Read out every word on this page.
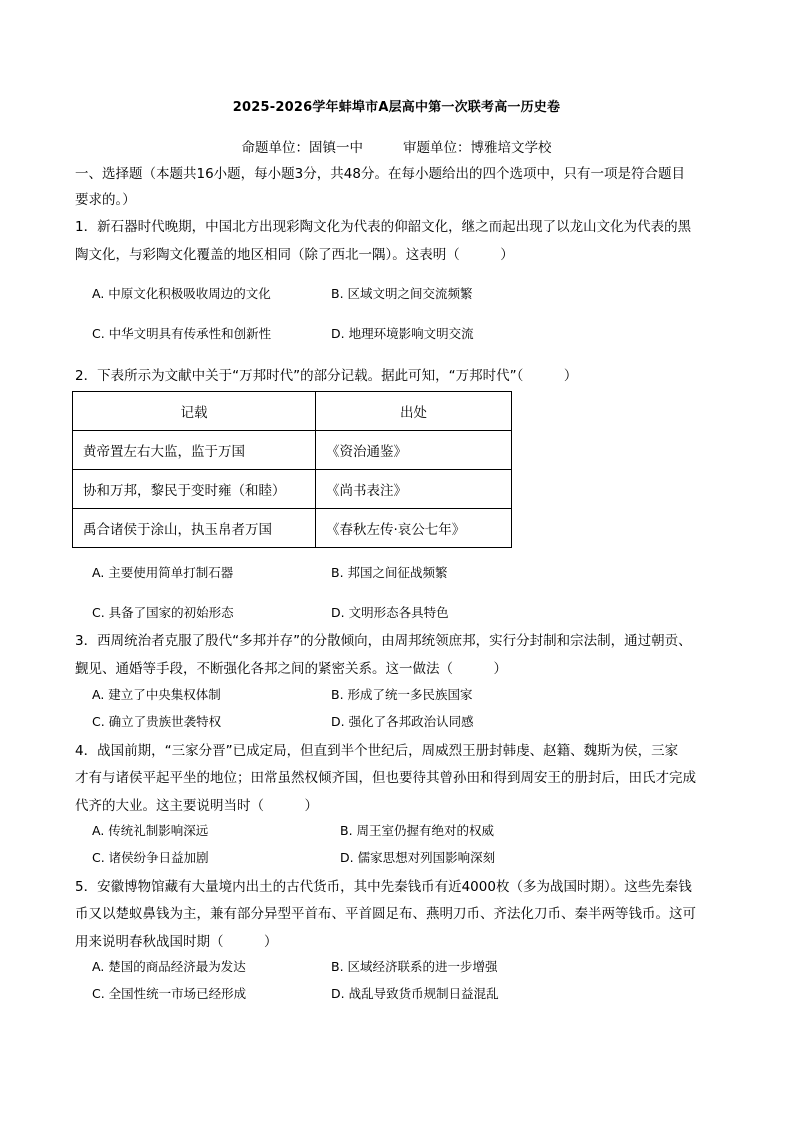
2025-2026学年蚌埠市A层高中第一次联考高一历史卷
命题单位：固镇一中	审题单位：博雅培文学校
一、选择题（本题共16小题，每小题3分，共48分。在每小题给出的四个选项中，只有一项是符合题目
要求的。）
1．新石器时代晚期，中国北方出现彩陶文化为代表的仰韶文化，继之而起出现了以龙山文化为代表的黑
陶文化，与彩陶文化覆盖的地区相同（除了西北一隅）。这表明（　　　）
A. 中原文化积极吸收周边的文化	B. 区域文明之间交流频繁
C. 中华文明具有传承性和创新性	D. 地理环境影响文明交流
2．下表所示为文献中关于“万邦时代”的部分记载。据此可知，“万邦时代”（　　　）
记载	出处
黄帝置左右大监，监于万国	《资治通鉴》
协和万邦，黎民于变时雍（和睦）	《尚书表注》
禹合诸侯于涂山，执玉帛者万国	《春秋左传·哀公七年》
A. 主要使用简单打制石器	B. 邦国之间征战频繁
C. 具备了国家的初始形态	D. 文明形态各具特色
3．西周统治者克服了殷代“多邦并存”的分散倾向，由周邦统领庶邦，实行分封制和宗法制，通过朝贡、
觐见、通婚等手段，不断强化各邦之间的紧密关系。这一做法（　　　）
A. 建立了中央集权体制	B. 形成了统一多民族国家
C. 确立了贵族世袭特权	D. 强化了各邦政治认同感
4．战国前期，“三家分晋”已成定局，但直到半个世纪后，周威烈王册封韩虔、赵籍、魏斯为侯，三家
才有与诸侯平起平坐的地位；田常虽然权倾齐国，但也要待其曾孙田和得到周安王的册封后，田氏才完成
代齐的大业。这主要说明当时（　　　）
A. 传统礼制影响深远	B. 周王室仍握有绝对的权威
C. 诸侯纷争日益加剧	D. 儒家思想对列国影响深刻
5．安徽博物馆藏有大量境内出土的古代货币，其中先秦钱币有近4000枚（多为战国时期）。这些先秦钱
币又以楚蚁鼻钱为主，兼有部分异型平首布、平首圆足布、燕明刀币、齐法化刀币、秦半两等钱币。这可
用来说明春秋战国时期（　　　）
A. 楚国的商品经济最为发达	B. 区域经济联系的进一步增强
C. 全国性统一市场已经形成	D. 战乱导致货币规制日益混乱
